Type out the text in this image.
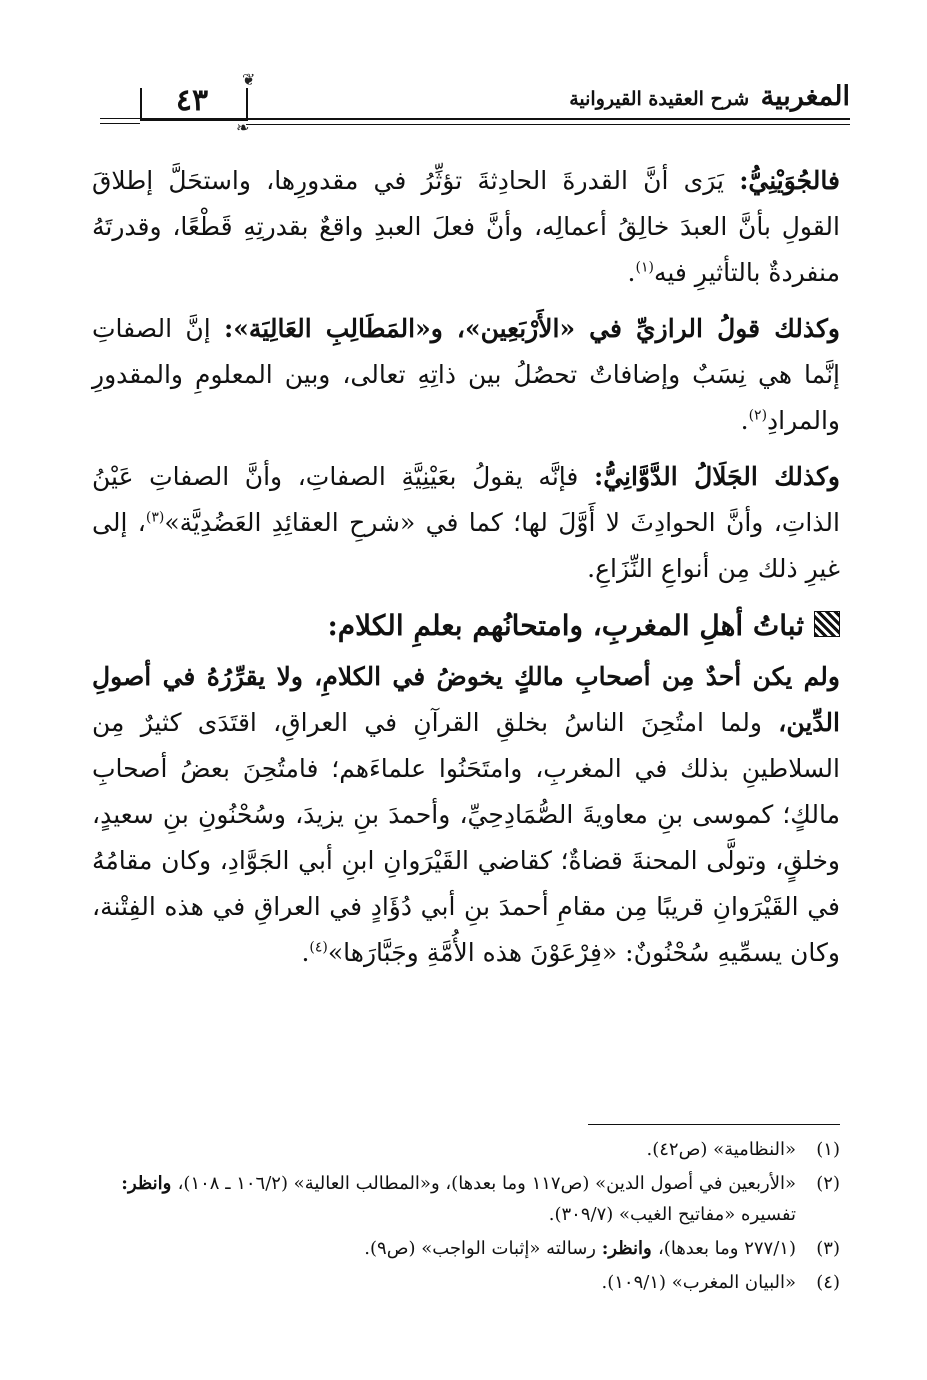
المغربية شرح العقيدة القيروانية
٤٣
❦
❧

فالجُوَيْنِيُّ: يَرَى أنَّ القدرةَ الحادِثةَ تؤثِّرُ في مقدورِها، واستحَلَّ إطلاقَ القولِ بأنَّ العبدَ خالِقُ أعمالِه، وأنَّ فعلَ العبدِ واقعٌ بقدرتِهِ قَطْعًا، وقدرتَهُ منفردةٌ بالتأثيرِ فيه$^{(١)}$.

وكذلك قولُ الرازيِّ في «الأَرْبَعِين»، و«المَطَالِبِ العَالِيَة»: إنَّ الصفاتِ إنَّما هي نِسَبٌ وإضافاتٌ تحصُلُ بين ذاتِهِ تعالى، وبين المعلومِ والمقدورِ والمرادِ$^{(٢)}$.

وكذلك الجَلَالُ الدَّوَّانِيُّ: فإنَّه يقولُ بعَيْنِيَّةِ الصفاتِ، وأنَّ الصفاتِ عَيْنُ الذاتِ، وأنَّ الحوادِثَ لا أَوَّلَ لها؛ كما في «شرحِ العقائِدِ العَضُدِيَّة»$^{(٣)}$، إلى غيرِ ذلك مِن أنواعِ النِّزَاعِ.

ثباتُ أهلِ المغربِ، وامتحانُهم بعلمِ الكلام:

ولم يكن أحدٌ مِن أصحابِ مالكٍ يخوضُ في الكلامِ، ولا يقرِّرُهُ في أصولِ الدِّين، ولما امتُحِنَ الناسُ بخلقِ القرآنِ في العراقِ، اقتَدَى كثيرٌ مِن السلاطينِ بذلك في المغربِ، وامتَحَنُوا علماءَهم؛ فامتُحِنَ بعضُ أصحابِ مالكٍ؛ كموسى بنِ معاويةَ الصُّمَادِحِيِّ، وأحمدَ بنِ يزيدَ، وسُحْنُونِ بنِ سعيدٍ، وخلقٍ، وتولَّى المحنةَ قضاةٌ؛ كقاضي القَيْرَوانِ ابنِ أبي الجَوَّادِ، وكان مقامُهُ في القَيْرَوانِ قريبًا مِن مقامِ أحمدَ بنِ أبي دُؤَادٍ في العراقِ في هذه الفِتْنة، وكان يسمِّيهِ سُحْنُونٌ: «فِرْعَوْنَ هذه الأُمَّةِ وجَبَّارَها»$^{(٤)}$.

(١)
«النظامية» (ص٤٢).
(٢)
«الأربعين في أصول الدين» (ص١١٧ وما بعدها)، و«المطالب العالية» (١٠٦/٢ ـ ١٠٨)، وانظر: تفسيره «مفاتيح الغيب» (٣٠٩/٧).
(٣)
(٢٧٧/١ وما بعدها)، وانظر: رسالته «إثبات الواجب» (ص٩).
(٤)
«البيان المغرب» (١٠٩/١).
